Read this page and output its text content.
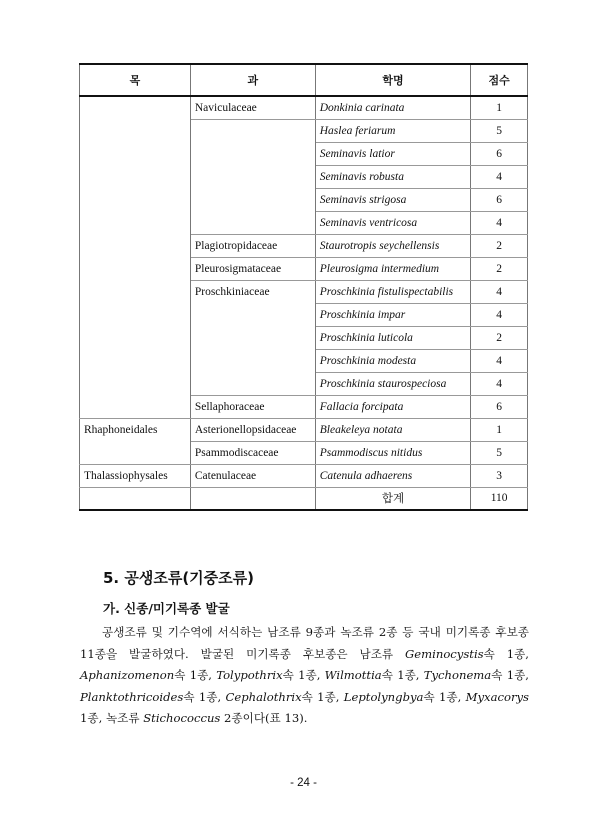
목	과	학명	점수
	Naviculaceae	Donkinia carinata	1
		Haslea feriarum	5
		Seminavis latior	6
		Seminavis robusta	4
		Seminavis strigosa	6
		Seminavis ventricosa	4
	Plagiotropidaceae	Staurotropis seychellensis	2
	Pleurosigmataceae	Pleurosigma intermedium	2
	Proschkiniaceae	Proschkinia fistulispectabilis	4
		Proschkinia impar	4
		Proschkinia luticola	2
		Proschkinia modesta	4
		Proschkinia staurospeciosa	4
	Sellaphoraceae	Fallacia forcipata	6
Rhaphoneidales	Asterionellopsidaceae	Bleakeleya notata	1
	Psammodiscaceae	Psammodiscus nitidus	5
Thalassiophysales	Catenulaceae	Catenula adhaerens	3
		합계	110
5. 공생조류(기중조류)
가. 신종/미기록종 발굴

공생조류 및 기수역에 서식하는 남조류 9종과 녹조류 2종 등 국내 미기록종 후보종 11종을 발굴하였다. 발굴된 미기록종 후보종은 남조류 Geminocystis속 1종, Aphanizomenon속 1종, Tolypothrix속 1종, Wilmottia속 1종, Tychonema속 1종, Planktothricoides속 1종, Cephalothrix속 1종, Leptolyngbya속 1종, Myxacorys 1종, 녹조류 Stichococcus 2종이다(표 13).

- 24 -
